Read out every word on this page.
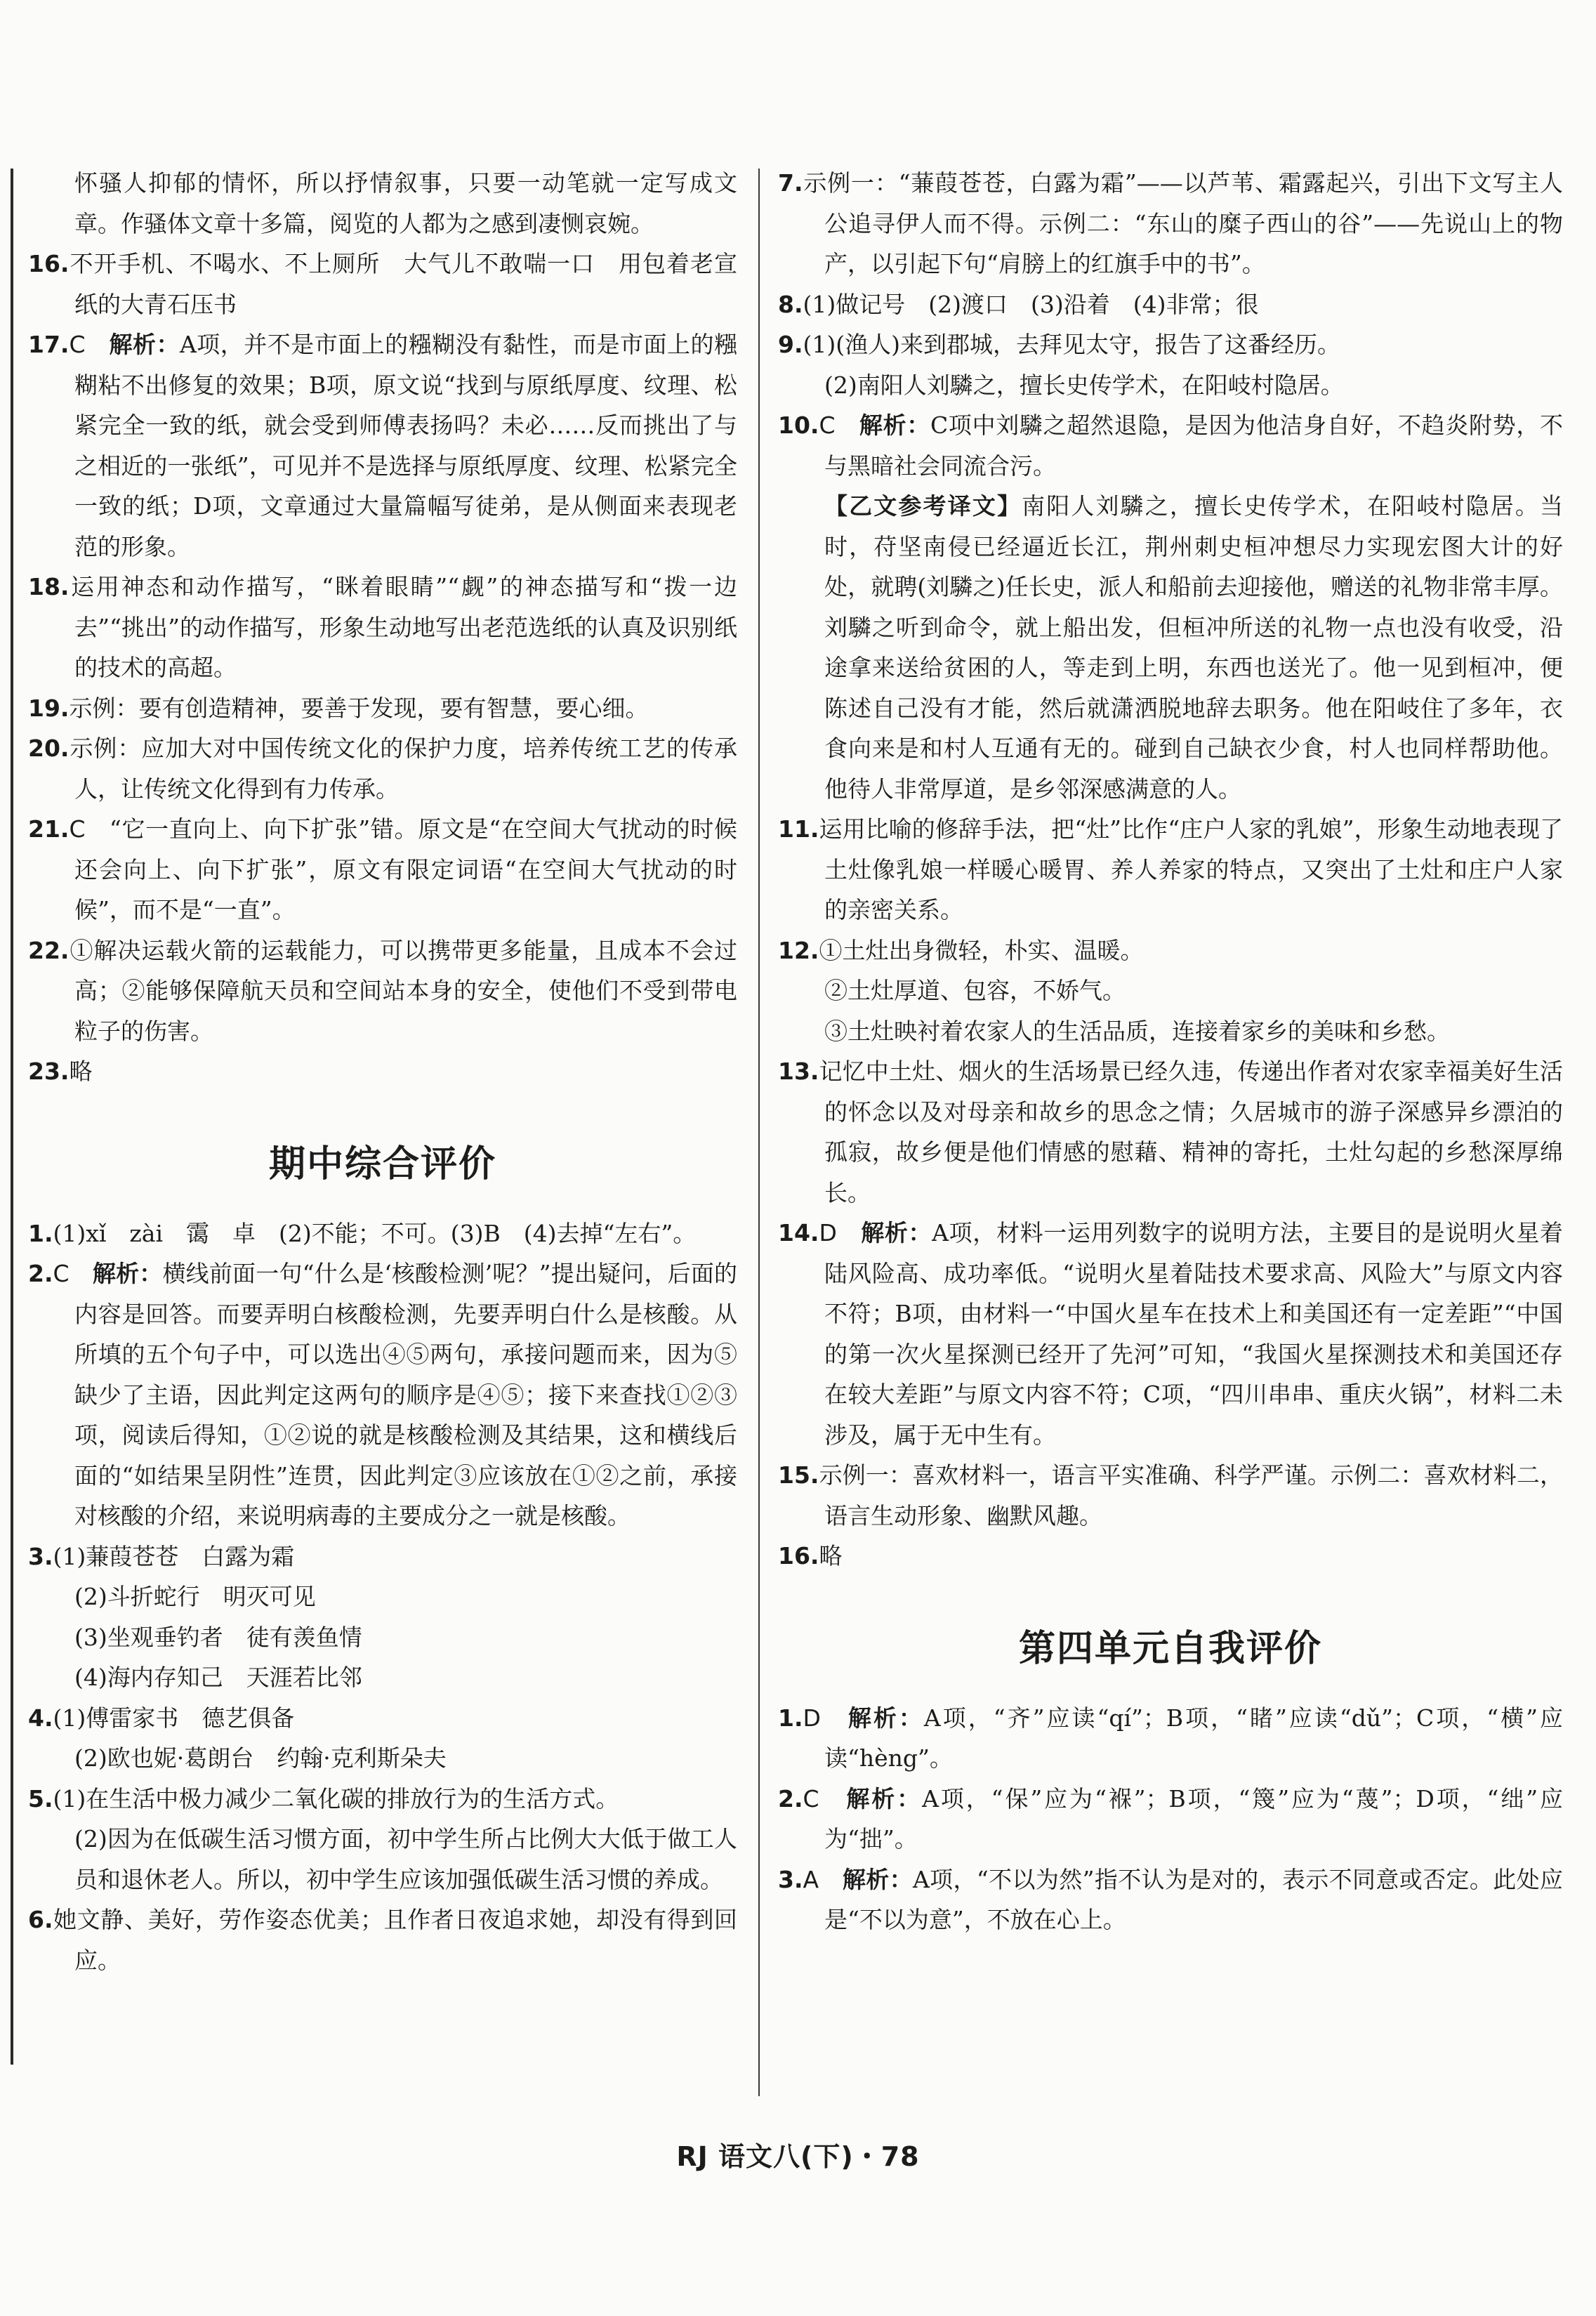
怀骚人抑郁的情怀，所以抒情叙事，只要一动笔就一定写成文章。作骚体文章十多篇，阅览的人都为之感到凄恻哀婉。

16.不开手机、不喝水、不上厕所　大气儿不敢喘一口　用包着老宣纸的大青石压书

17.C　 解析：A项，并不是市面上的糨糊没有黏性，而是市面上的糨糊粘不出修复的效果；B项，原文说“找到与原纸厚度、纹理、松紧完全一致的纸，就会受到师傅表扬吗？未必……反而挑出了与之相近的一张纸”，可见并不是选择与原纸厚度、纹理、松紧完全一致的纸；D项，文章通过大量篇幅写徒弟，是从侧面来表现老范的形象。

18.运用神态和动作描写，“眯着眼睛”“觑”的神态描写和“拨一边去”“挑出”的动作描写，形象生动地写出老范选纸的认真及识别纸的技术的高超。

19.示例：要有创造精神，要善于发现，要有智慧，要心细。

20.示例：应加大对中国传统文化的保护力度，培养传统工艺的传承人，让传统文化得到有力传承。

21.C　 “它一直向上、向下扩张”错。原文是“在空间大气扰动的时候还会向上、向下扩张”，原文有限定词语“在空间大气扰动的时候”，而不是“一直”。

22.①解决运载火箭的运载能力，可以携带更多能量，且成本不会过高；②能够保障航天员和空间站本身的安全，使他们不受到带电粒子的伤害。

23.略

期中综合评价

1.(1)xǐ　zài　霭　卓　(2)不能；不可。(3)B　(4)去掉“左右”。

2.C　 解析：横线前面一句“什么是‘核酸检测’呢？”提出疑问，后面的内容是回答。而要弄明白核酸检测，先要弄明白什么是核酸。从所填的五个句子中，可以选出④⑤两句，承接问题而来，因为⑤缺少了主语，因此判定这两句的顺序是④⑤；接下来查找①②③项，阅读后得知，①②说的就是核酸检测及其结果，这和横线后面的“如结果呈阴性”连贯，因此判定③应该放在①②之前，承接对核酸的介绍，来说明病毒的主要成分之一就是核酸。

3.(1)蒹葭苍苍　白露为霜

(2)斗折蛇行　明灭可见

(3)坐观垂钓者　徒有羡鱼情

(4)海内存知己　天涯若比邻

4.(1)傅雷家书　德艺俱备

(2)欧也妮·葛朗台　约翰·克利斯朵夫

5.(1)在生活中极力减少二氧化碳的排放行为的生活方式。

(2)因为在低碳生活习惯方面，初中学生所占比例大大低于做工人员和退休老人。所以，初中学生应该加强低碳生活习惯的养成。

6.她文静、美好，劳作姿态优美；且作者日夜追求她，却没有得到回应。

7.示例一：“蒹葭苍苍，白露为霜”——以芦苇、霜露起兴，引出下文写主人公追寻伊人而不得。示例二：“东山的糜子西山的谷”——先说山上的物产，以引起下句“肩膀上的红旗手中的书”。

8.(1)做记号　(2)渡口　(3)沿着　(4)非常；很

9.(1)(渔人)来到郡城，去拜见太守，报告了这番经历。

(2)南阳人刘驎之，擅长史传学术，在阳岐村隐居。

10.C　 解析：C项中刘驎之超然退隐，是因为他洁身自好，不趋炎附势，不与黑暗社会同流合污。

【乙文参考译文】南阳人刘驎之，擅长史传学术，在阳岐村隐居。当时，苻坚南侵已经逼近长江，荆州刺史桓冲想尽力实现宏图大计的好处，就聘(刘驎之)任长史，派人和船前去迎接他，赠送的礼物非常丰厚。刘驎之听到命令，就上船出发，但桓冲所送的礼物一点也没有收受，沿途拿来送给贫困的人，等走到上明，东西也送光了。他一见到桓冲，便陈述自己没有才能，然后就潇洒脱地辞去职务。他在阳岐住了多年，衣食向来是和村人互通有无的。碰到自己缺衣少食，村人也同样帮助他。他待人非常厚道，是乡邻深感满意的人。

11.运用比喻的修辞手法，把“灶”比作“庄户人家的乳娘”，形象生动地表现了土灶像乳娘一样暖心暖胃、养人养家的特点，又突出了土灶和庄户人家的亲密关系。

12.①土灶出身微轻，朴实、温暖。

②土灶厚道、包容，不娇气。

③土灶映衬着农家人的生活品质，连接着家乡的美味和乡愁。

13.记忆中土灶、烟火的生活场景已经久违，传递出作者对农家幸福美好生活的怀念以及对母亲和故乡的思念之情；久居城市的游子深感异乡漂泊的孤寂，故乡便是他们情感的慰藉、精神的寄托，土灶勾起的乡愁深厚绵长。

14.D　 解析：A项，材料一运用列数字的说明方法，主要目的是说明火星着陆风险高、成功率低。“说明火星着陆技术要求高、风险大”与原文内容不符；B项，由材料一“中国火星车在技术上和美国还有一定差距”“中国的第一次火星探测已经开了先河”可知，“我国火星探测技术和美国还存在较大差距”与原文内容不符；C项，“四川串串、重庆火锅”，材料二未涉及，属于无中生有。

15.示例一：喜欢材料一，语言平实准确、科学严谨。示例二：喜欢材料二，语言生动形象、幽默风趣。

16.略

第四单元自我评价

1.D　 解析：A项，“齐”应读“qí”；B项，“睹”应读“dǔ”；C项，“横”应读“hèng”。

2.C　 解析：A项，“保”应为“褓”；B项，“篾”应为“蔑”；D项，“绌”应为“拙”。

3.A　 解析：A项，“不以为然”指不认为是对的，表示不同意或否定。此处应是“不以为意”，不放在心上。

RJ 语文八(下)・78
